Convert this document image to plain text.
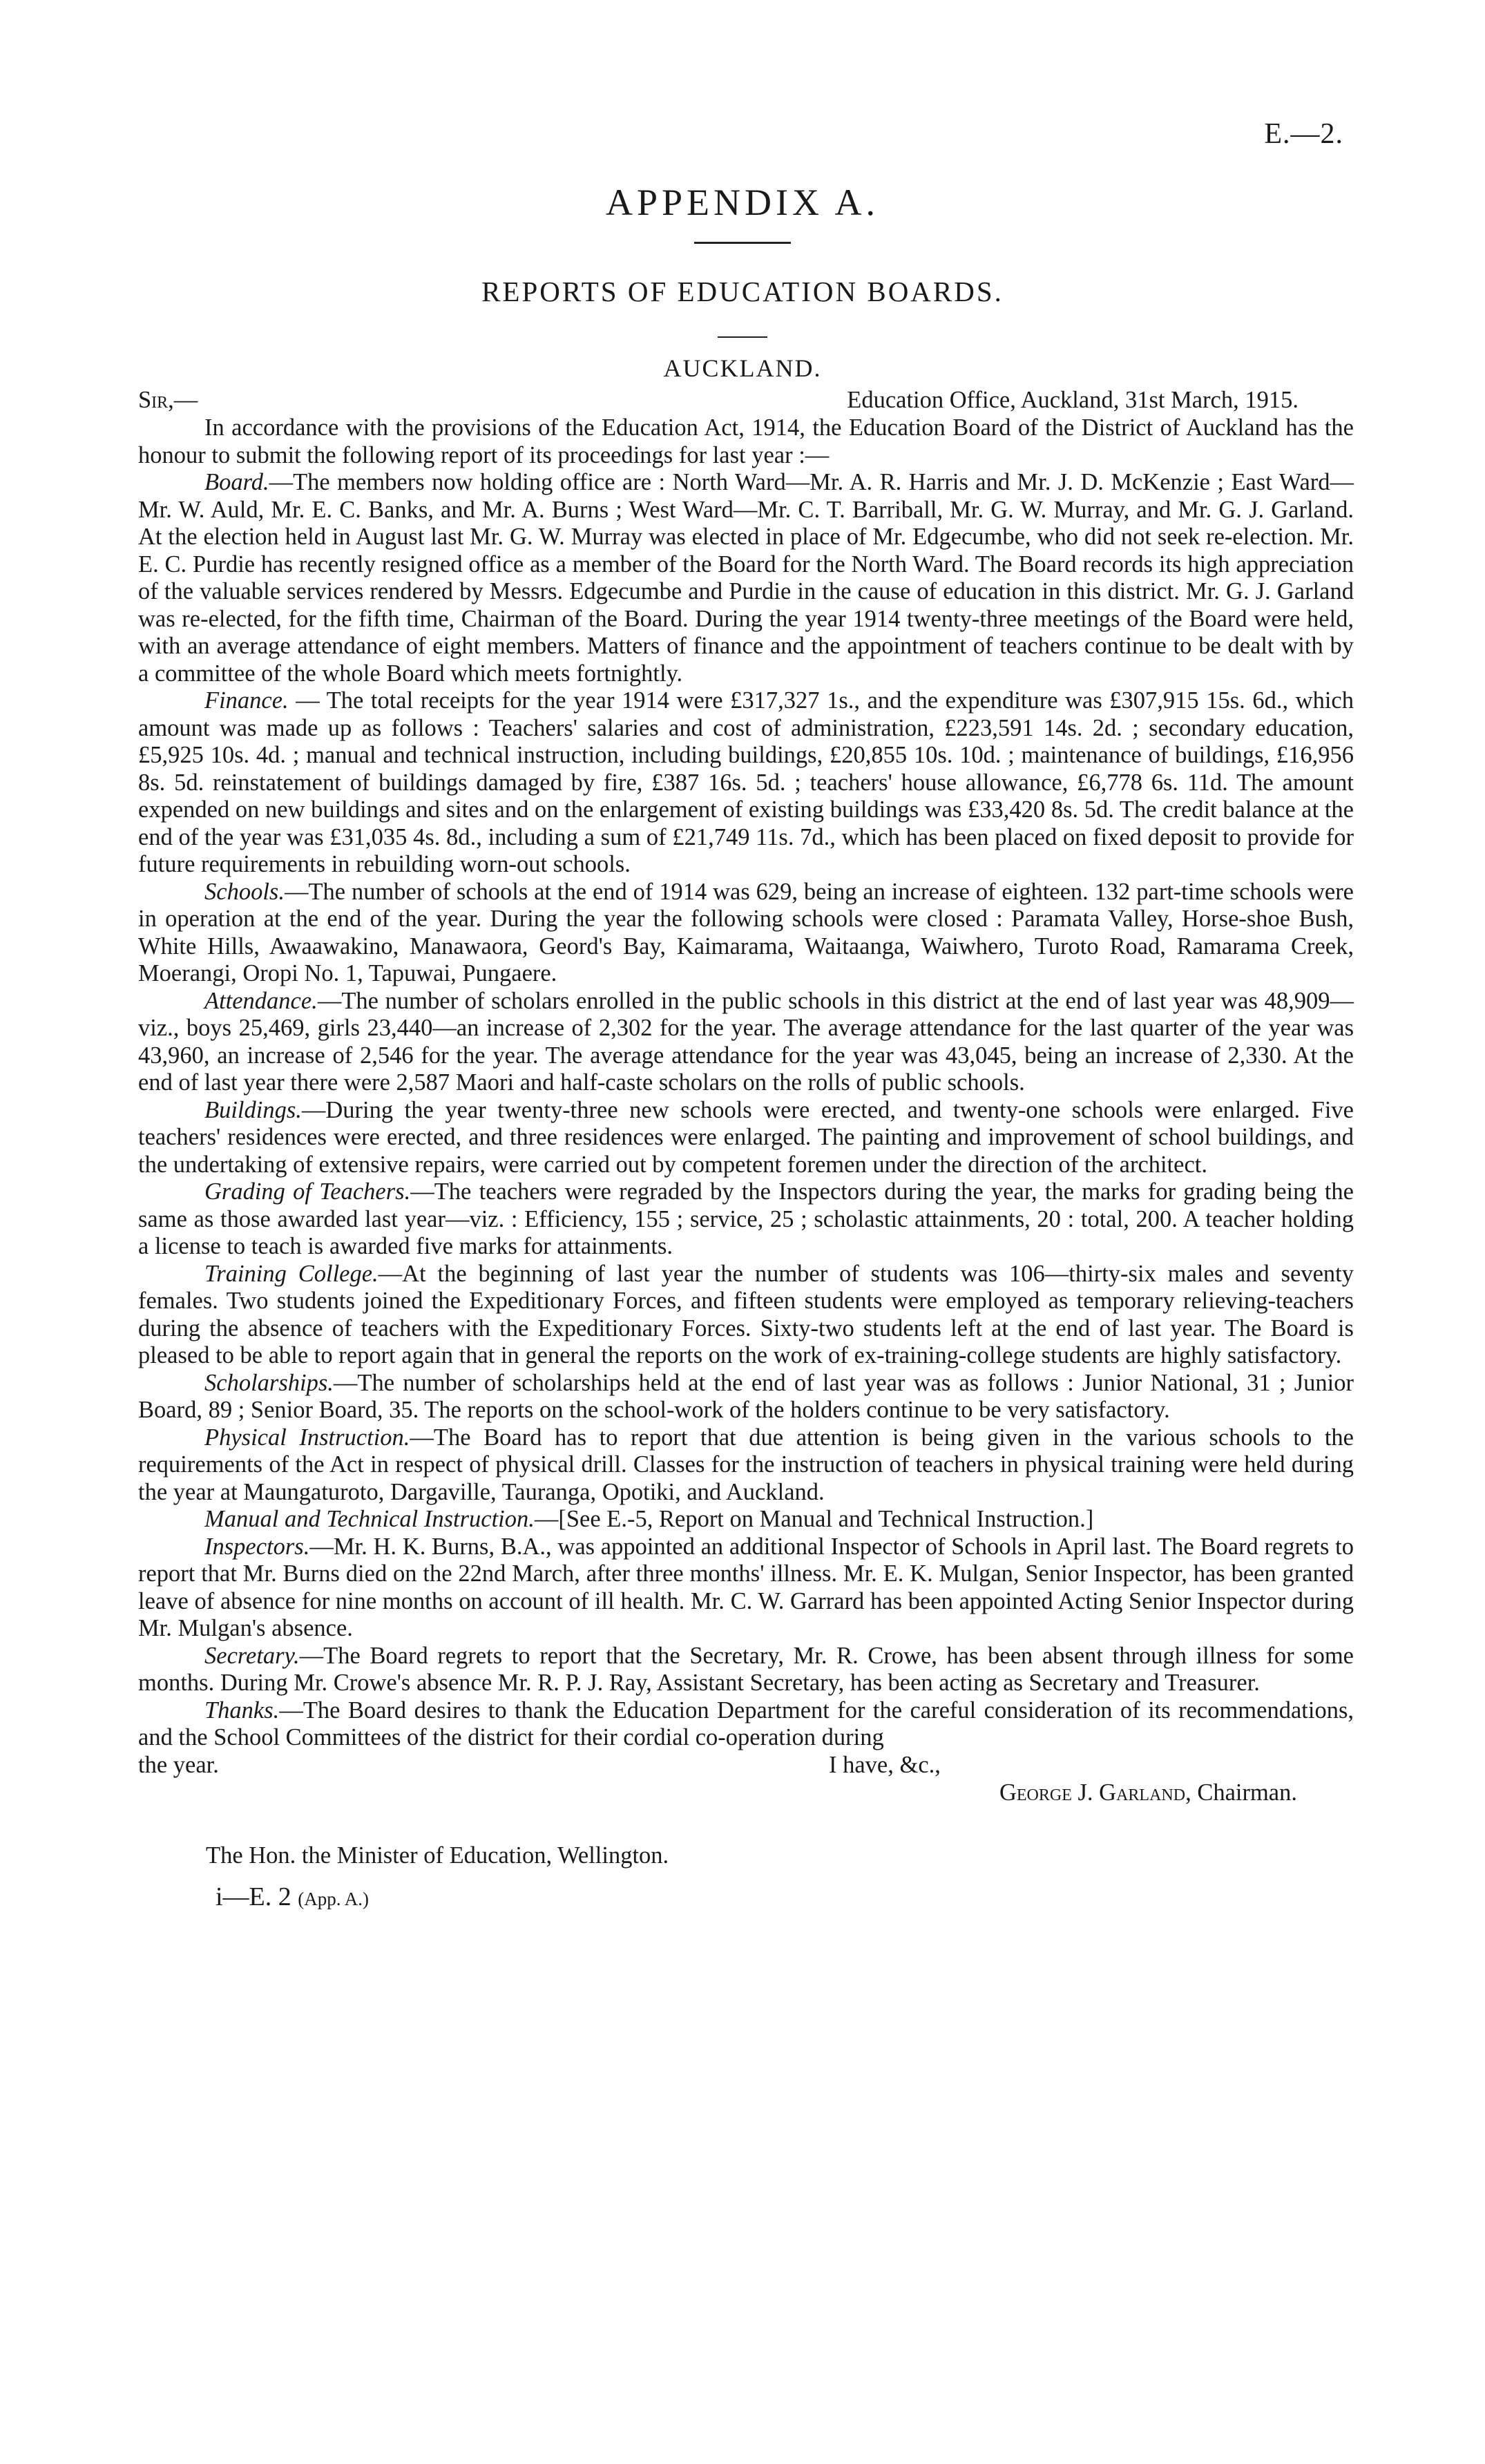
E.—2.
APPENDIX A.
REPORTS OF EDUCATION BOARDS.
AUCKLAND.
Sir,—	Education Office, Auckland, 31st March, 1915.

In accordance with the provisions of the Education Act, 1914, the Education Board of the District of Auckland has the honour to submit the following report of its proceedings for last year :—

Board.—The members now holding office are : North Ward—Mr. A. R. Harris and Mr. J. D. McKenzie ; East Ward—Mr. W. Auld, Mr. E. C. Banks, and Mr. A. Burns ; West Ward—Mr. C. T. Barriball, Mr. G. W. Murray, and Mr. G. J. Garland. At the election held in August last Mr. G. W. Murray was elected in place of Mr. Edgecumbe, who did not seek re-election. Mr. E. C. Purdie has recently resigned office as a member of the Board for the North Ward. The Board records its high appreciation of the valuable services rendered by Messrs. Edgecumbe and Purdie in the cause of education in this district. Mr. G. J. Garland was re-elected, for the fifth time, Chairman of the Board. During the year 1914 twenty-three meetings of the Board were held, with an average attendance of eight members. Matters of finance and the appointment of teachers continue to be dealt with by a committee of the whole Board which meets fortnightly.

Finance. — The total receipts for the year 1914 were £317,327 1s., and the expenditure was £307,915 15s. 6d., which amount was made up as follows : Teachers' salaries and cost of administration, £223,591 14s. 2d. ; secondary education, £5,925 10s. 4d. ; manual and technical instruction, including buildings, £20,855 10s. 10d. ; maintenance of buildings, £16,956 8s. 5d. reinstatement of buildings damaged by fire, £387 16s. 5d. ; teachers' house allowance, £6,778 6s. 11d. The amount expended on new buildings and sites and on the enlargement of existing buildings was £33,420 8s. 5d. The credit balance at the end of the year was £31,035 4s. 8d., including a sum of £21,749 11s. 7d., which has been placed on fixed deposit to provide for future requirements in rebuilding worn-out schools.

Schools.—The number of schools at the end of 1914 was 629, being an increase of eighteen. 132 part-time schools were in operation at the end of the year. During the year the following schools were closed : Paramata Valley, Horse-shoe Bush, White Hills, Awaawakino, Manawaora, Geord's Bay, Kaimarama, Waitaanga, Waiwhero, Turoto Road, Ramarama Creek, Moerangi, Oropi No. 1, Tapuwai, Pungaere.

Attendance.—The number of scholars enrolled in the public schools in this district at the end of last year was 48,909—viz., boys 25,469, girls 23,440—an increase of 2,302 for the year. The average attendance for the last quarter of the year was 43,960, an increase of 2,546 for the year. The average attendance for the year was 43,045, being an increase of 2,330. At the end of last year there were 2,587 Maori and half-caste scholars on the rolls of public schools.

Buildings.—During the year twenty-three new schools were erected, and twenty-one schools were enlarged. Five teachers' residences were erected, and three residences were enlarged. The painting and improvement of school buildings, and the undertaking of extensive repairs, were carried out by competent foremen under the direction of the architect.

Grading of Teachers.—The teachers were regraded by the Inspectors during the year, the marks for grading being the same as those awarded last year—viz. : Efficiency, 155 ; service, 25 ; scholastic attainments, 20 : total, 200. A teacher holding a license to teach is awarded five marks for attainments.

Training College.—At the beginning of last year the number of students was 106—thirty-six males and seventy females. Two students joined the Expeditionary Forces, and fifteen students were employed as temporary relieving-teachers during the absence of teachers with the Expeditionary Forces. Sixty-two students left at the end of last year. The Board is pleased to be able to report again that in general the reports on the work of ex-training-college students are highly satisfactory.

Scholarships.—The number of scholarships held at the end of last year was as follows : Junior National, 31 ; Junior Board, 89 ; Senior Board, 35. The reports on the school-work of the holders continue to be very satisfactory.

Physical Instruction.—The Board has to report that due attention is being given in the various schools to the requirements of the Act in respect of physical drill. Classes for the instruction of teachers in physical training were held during the year at Maungaturoto, Dargaville, Tauranga, Opotiki, and Auckland.

Manual and Technical Instruction.—[See E.-5, Report on Manual and Technical Instruction.]

Inspectors.—Mr. H. K. Burns, B.A., was appointed an additional Inspector of Schools in April last. The Board regrets to report that Mr. Burns died on the 22nd March, after three months' illness. Mr. E. K. Mulgan, Senior Inspector, has been granted leave of absence for nine months on account of ill health. Mr. C. W. Garrard has been appointed Acting Senior Inspector during Mr. Mulgan's absence.

Secretary.—The Board regrets to report that the Secretary, Mr. R. Crowe, has been absent through illness for some months. During Mr. Crowe's absence Mr. R. P. J. Ray, Assistant Secretary, has been acting as Secretary and Treasurer.

Thanks.—The Board desires to thank the Education Department for the careful consideration of its recommendations, and the School Committees of the district for their cordial co-operation during

the year.	I have, &c.,

George J. Garland, Chairman.

The Hon. the Minister of Education, Wellington.
i—E. 2 (App. A.)
